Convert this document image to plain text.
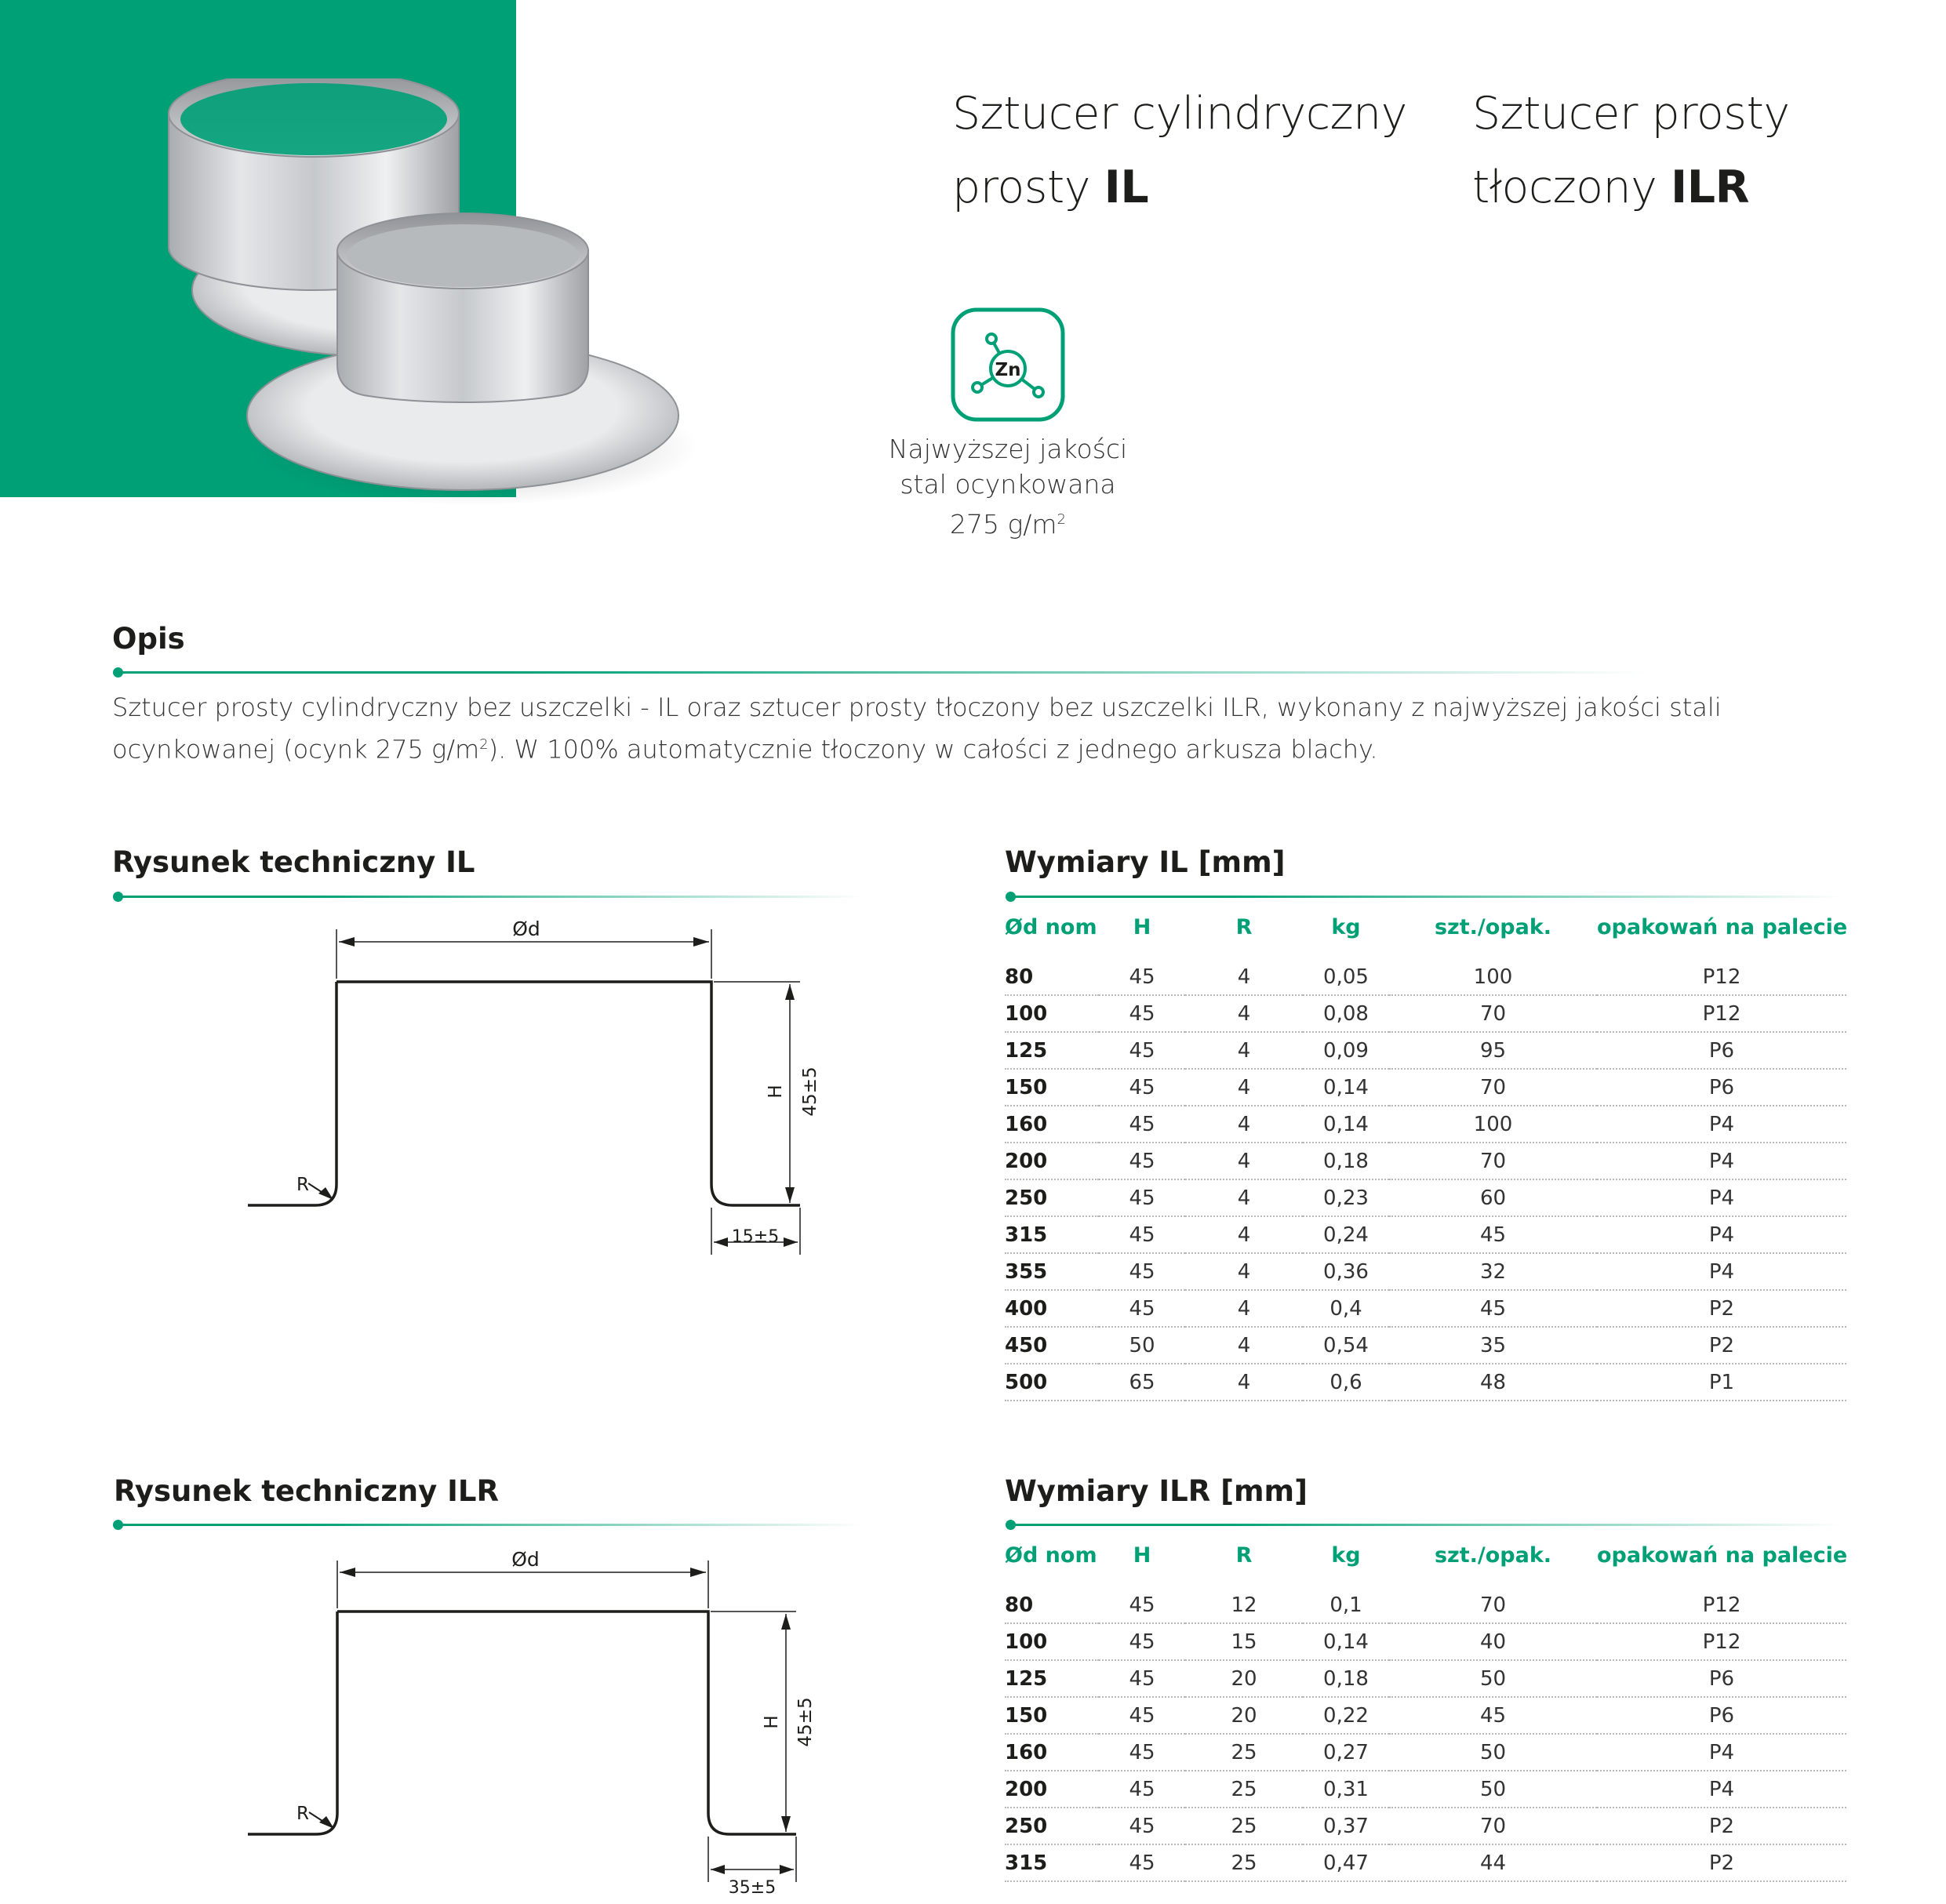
Sztucer cylindryczny
prosty IL
Sztucer prosty
tłoczony ILR
Zn
Najwyższej jakości
stal ocynkowana
275 $g/m^2$
Opis
Sztucer prosty cylindryczny bez uszczelki - IL oraz sztucer prosty tłoczony bez uszczelki ILR, wykonany z najwyższej jakości stali ocynkowanej (ocynk 275 $g/m^2$). W 100% automatycznie tłoczony w całości z jednego arkusza blachy.
Rysunek techniczny IL
Ød
R
15±5
H 45±5
Rysunek techniczny ILR
Ød
R
35±5
H 45±5
Wymiary IL [mm]
Ød nom	H	R	kg	szt./opak.	opakowań na palecie
80	45	4	0,05	100	P12
100	45	4	0,08	70	P12
125	45	4	0,09	95	P6
150	45	4	0,14	70	P6
160	45	4	0,14	100	P4
200	45	4	0,18	70	P4
250	45	4	0,23	60	P4
315	45	4	0,24	45	P4
355	45	4	0,36	32	P4
400	45	4	0,4	45	P2
450	50	4	0,54	35	P2
500	65	4	0,6	48	P1
Wymiary ILR [mm]
Ød nom	H	R	kg	szt./opak.	opakowań na palecie
80	45	12	0,1	70	P12
100	45	15	0,14	40	P12
125	45	20	0,18	50	P6
150	45	20	0,22	45	P6
160	45	25	0,27	50	P4
200	45	25	0,31	50	P4
250	45	25	0,37	70	P2
315	45	25	0,47	44	P2
